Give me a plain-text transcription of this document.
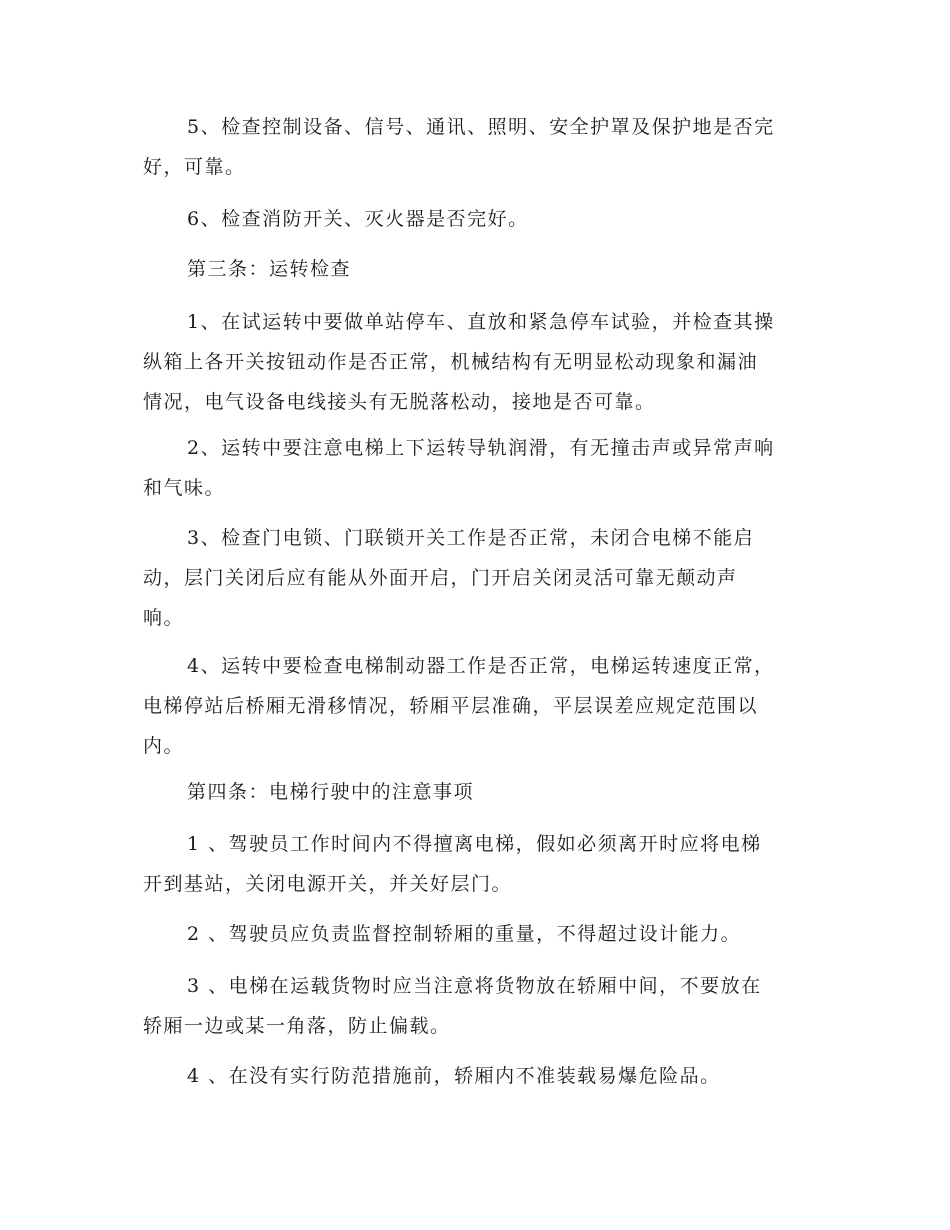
5、检查控制设备、信号、通讯、照明、安全护罩及保护地是否完
好，可靠。
6、检查消防开关、灭火器是否完好。
第三条：运转检查
1、在试运转中要做单站停车、直放和紧急停车试验，并检查其操
纵箱上各开关按钮动作是否正常，机械结构有无明显松动现象和漏油
情况，电气设备电线接头有无脱落松动，接地是否可靠。
2、运转中要注意电梯上下运转导轨润滑，有无撞击声或异常声响
和气味。
3、检查门电锁、门联锁开关工作是否正常，未闭合电梯不能启
动，层门关闭后应有能从外面开启，门开启关闭灵活可靠无颠动声
响。
4、运转中要检查电梯制动器工作是否正常，电梯运转速度正常，
电梯停站后桥厢无滑移情况，轿厢平层准确，平层误差应规定范围以
内。
第四条：电梯行驶中的注意事项
1 、驾驶员工作时间内不得擅离电梯，假如必须离开时应将电梯
开到基站，关闭电源开关，并关好层门。
2 、驾驶员应负责监督控制轿厢的重量，不得超过设计能力。
3 、电梯在运载货物时应当注意将货物放在轿厢中间，不要放在
轿厢一边或某一角落，防止偏载。
4 、在没有实行防范措施前，轿厢内不准装载易爆危险品。
